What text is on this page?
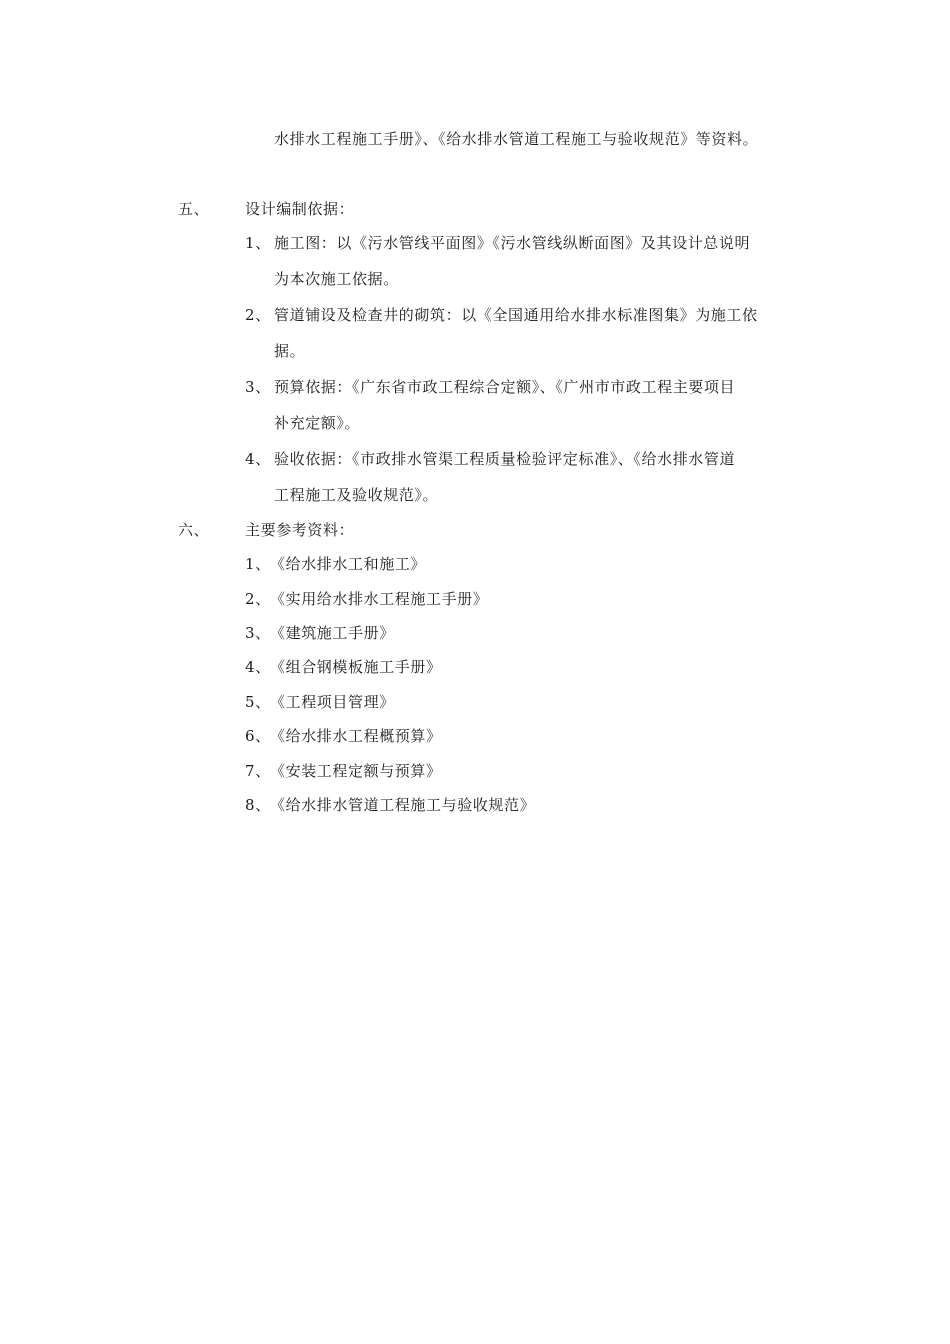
水排水工程施工手册》、《给水排水管道工程施工与验收规范》等资料。
五、 设计编制依据：
1、 施工图：以《污水管线平面图》《污水管线纵断面图》及其设计总说明
为本次施工依据。
2、 管道铺设及检查井的砌筑：以《全国通用给水排水标准图集》为施工依
据。
3、 预算依据：《广东省市政工程综合定额》、《广州市市政工程主要项目
补充定额》。
4、 验收依据：《市政排水管渠工程质量检验评定标准》、《给水排水管道
工程施工及验收规范》。
六、 主要参考资料：
1、 《给水排水工和施工》
2、 《实用给水排水工程施工手册》
3、 《建筑施工手册》
4、 《组合钢模板施工手册》
5、 《工程项目管理》
6、 《给水排水工程概预算》
7、 《安装工程定额与预算》
8、 《给水排水管道工程施工与验收规范》
